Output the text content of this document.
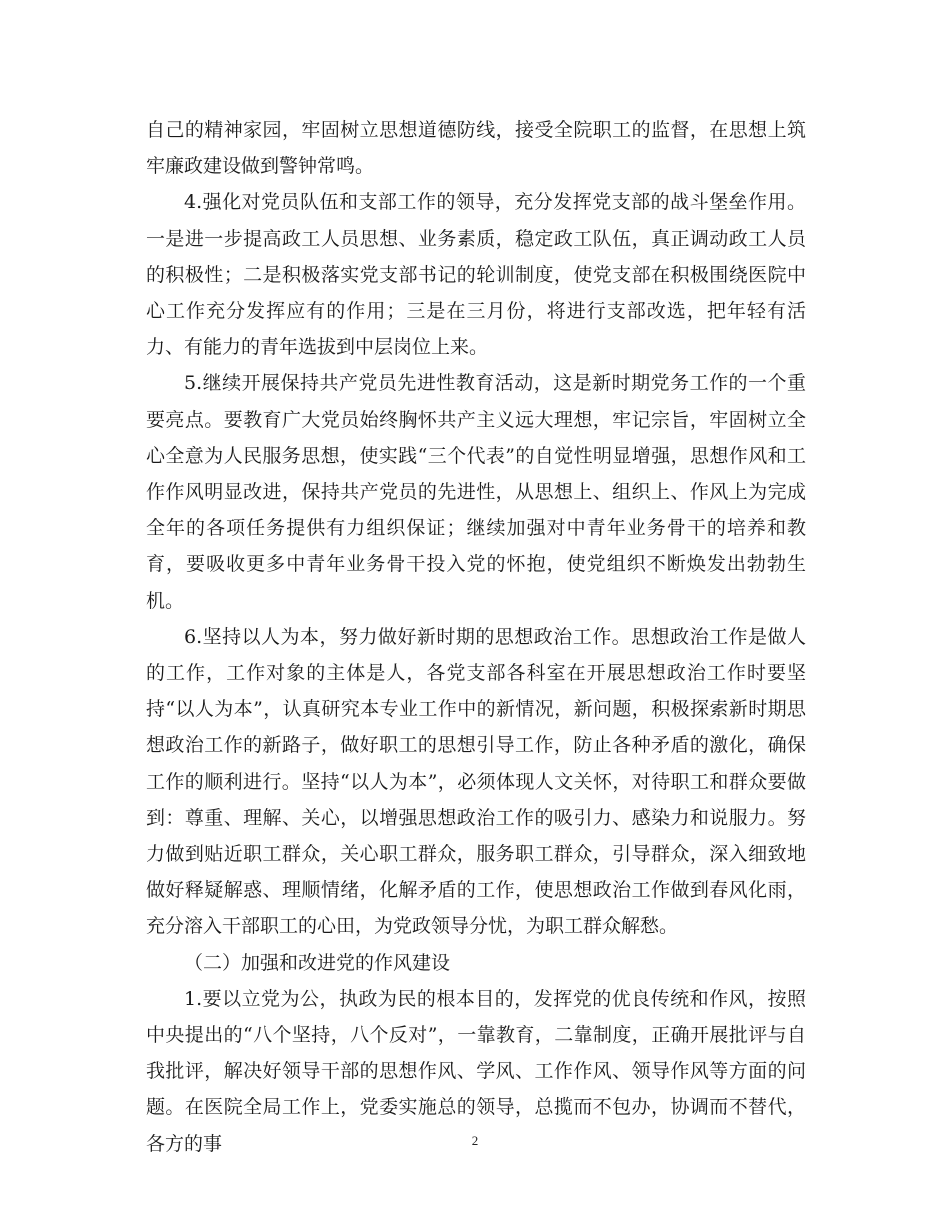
自己的精神家园，牢固树立思想道德防线，接受全院职工的监督，在思想上筑牢廉政建设做到警钟常鸣。

4.强化对党员队伍和支部工作的领导，充分发挥党支部的战斗堡垒作用。一是进一步提高政工人员思想、业务素质，稳定政工队伍，真正调动政工人员的积极性；二是积极落实党支部书记的轮训制度，使党支部在积极围绕医院中心工作充分发挥应有的作用；三是在三月份，将进行支部改选，把年轻有活力、有能力的青年选拔到中层岗位上来。

5.继续开展保持共产党员先进性教育活动，这是新时期党务工作的一个重要亮点。要教育广大党员始终胸怀共产主义远大理想，牢记宗旨，牢固树立全心全意为人民服务思想，使实践“三个代表”的自觉性明显增强，思想作风和工作作风明显改进，保持共产党员的先进性，从思想上、组织上、作风上为完成 全年的各项任务提供有力组织保证；继续加强对中青年业务骨干的培养和教育，要吸收更多中青年业务骨干投入党的怀抱，使党组织不断焕发出勃勃生机。

6.坚持以人为本，努力做好新时期的思想政治工作。思想政治工作是做人的工作，工作对象的主体是人，各党支部各科室在开展思想政治工作时要坚持“以人为本”，认真研究本专业工作中的新情况，新问题，积极探索新时期思想政治工作的新路子，做好职工的思想引导工作，防止各种矛盾的激化，确保工作的顺利进行。坚持“以人为本”，必须体现人文关怀，对待职工和群众要做到：尊重、理解、关心，以增强思想政治工作的吸引力、感染力和说服力。努力做到贴近职工群众，关心职工群众，服务职工群众，引导群众，深入细致地做好释疑解惑、理顺情绪，化解矛盾的工作，使思想政治工作做到春风化雨，充分溶入干部职工的心田，为党政领导分忧，为职工群众解愁。

（二）加强和改进党的作风建设

1.要以立党为公，执政为民的根本目的，发挥党的优良传统和作风，按照中央提出的“八个坚持，八个反对”，一靠教育，二靠制度，正确开展批评与自我批评，解决好领导干部的思想作风、学风、工作作风、领导作风等方面的问题。在医院全局工作上，党委实施总的领导，总揽而不包办，协调而不替代，各方的事	2
